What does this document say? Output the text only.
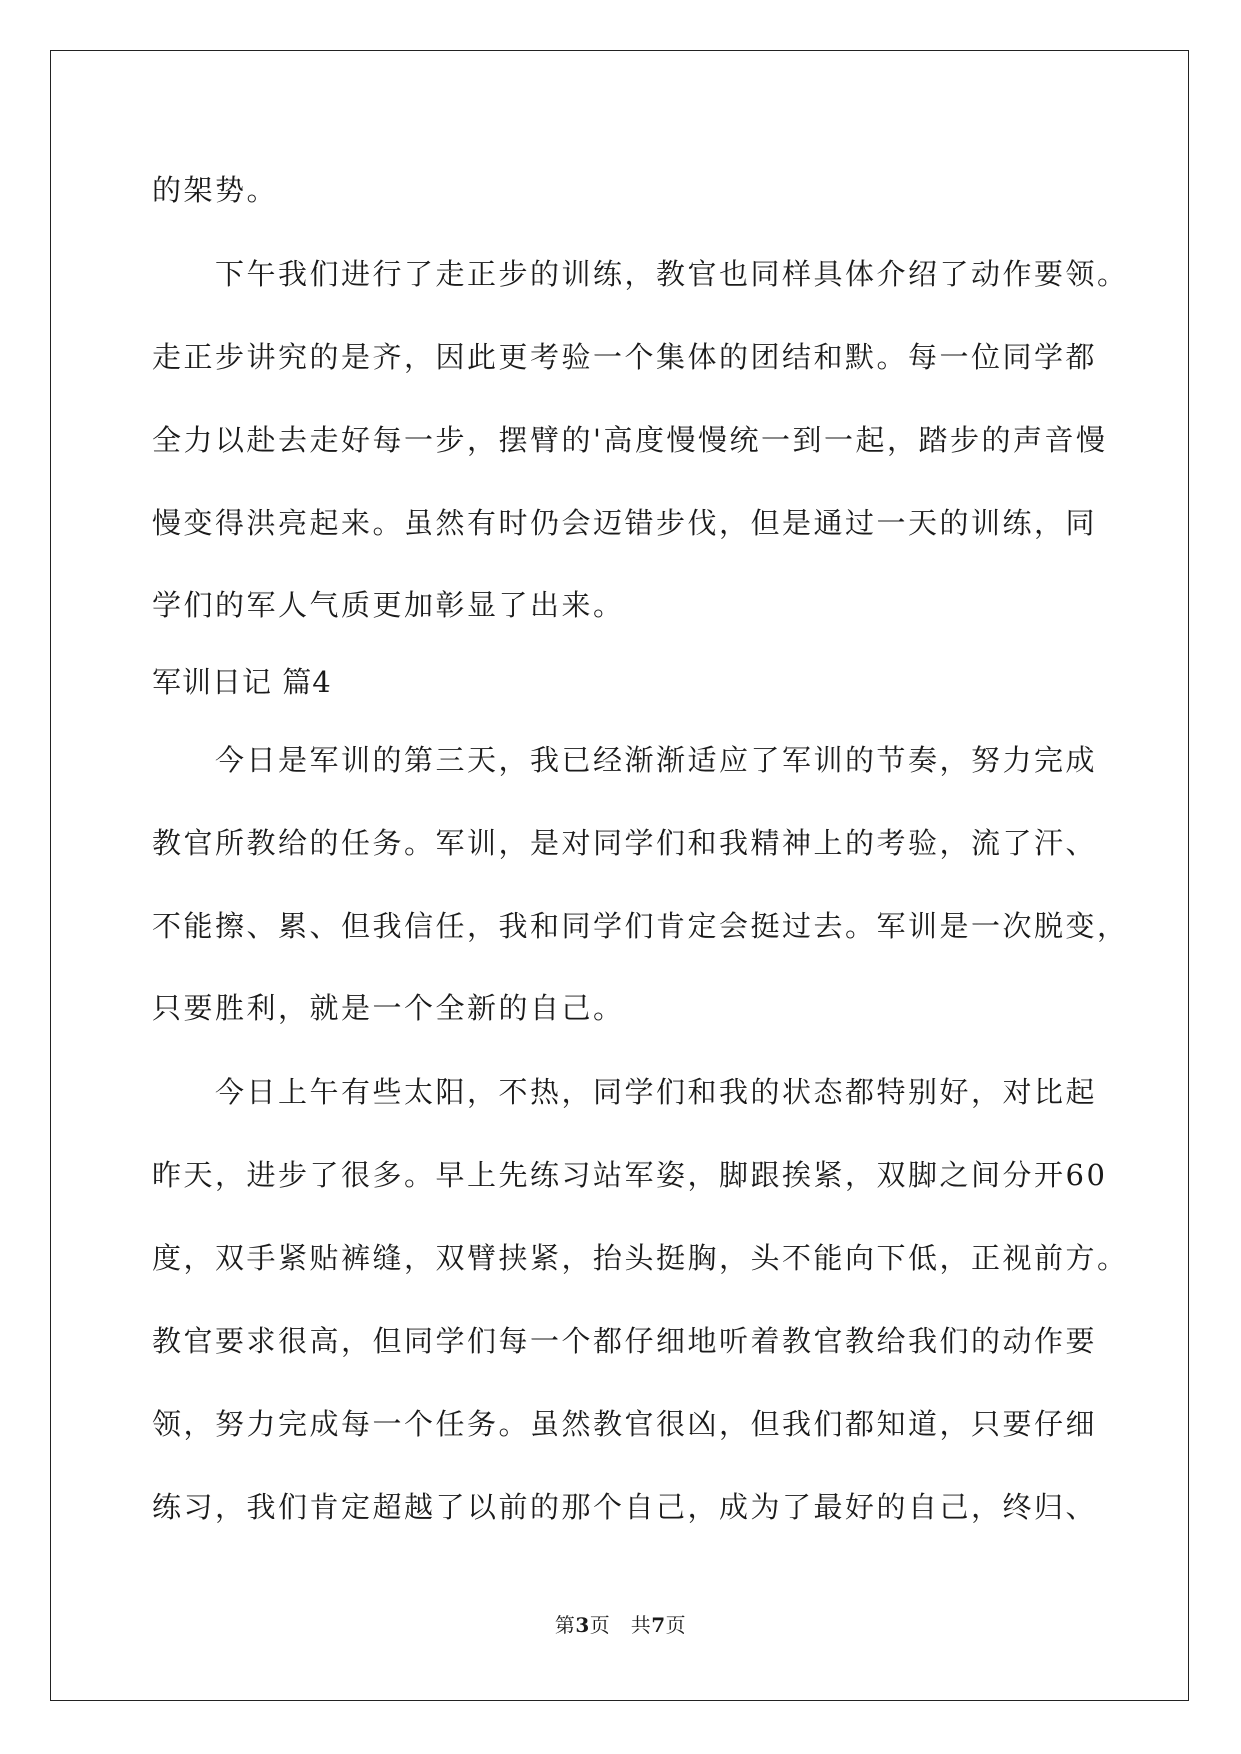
的架势。
　　下午我们进行了走正步的训练，教官也同样具体介绍了动作要领。
走正步讲究的是齐，因此更考验一个集体的团结和默。每一位同学都
全力以赴去走好每一步，摆臂的'高度慢慢统一到一起，踏步的声音慢
慢变得洪亮起来。虽然有时仍会迈错步伐，但是通过一天的训练，同
学们的军人气质更加彰显了出来。
军训日记 篇4
　　今日是军训的第三天，我已经渐渐适应了军训的节奏，努力完成
教官所教给的任务。军训，是对同学们和我精神上的考验，流了汗、
不能擦、累、但我信任，我和同学们肯定会挺过去。军训是一次脱变，
只要胜利，就是一个全新的自己。
　　今日上午有些太阳，不热，同学们和我的状态都特别好，对比起
昨天，进步了很多。早上先练习站军姿，脚跟挨紧，双脚之间分开60
度，双手紧贴裤缝，双臂挟紧，抬头挺胸，头不能向下低，正视前方。
教官要求很高，但同学们每一个都仔细地听着教官教给我们的动作要
领，努力完成每一个任务。虽然教官很凶，但我们都知道，只要仔细
练习，我们肯定超越了以前的那个自己，成为了最好的自己，终归、
第3页　共7页
